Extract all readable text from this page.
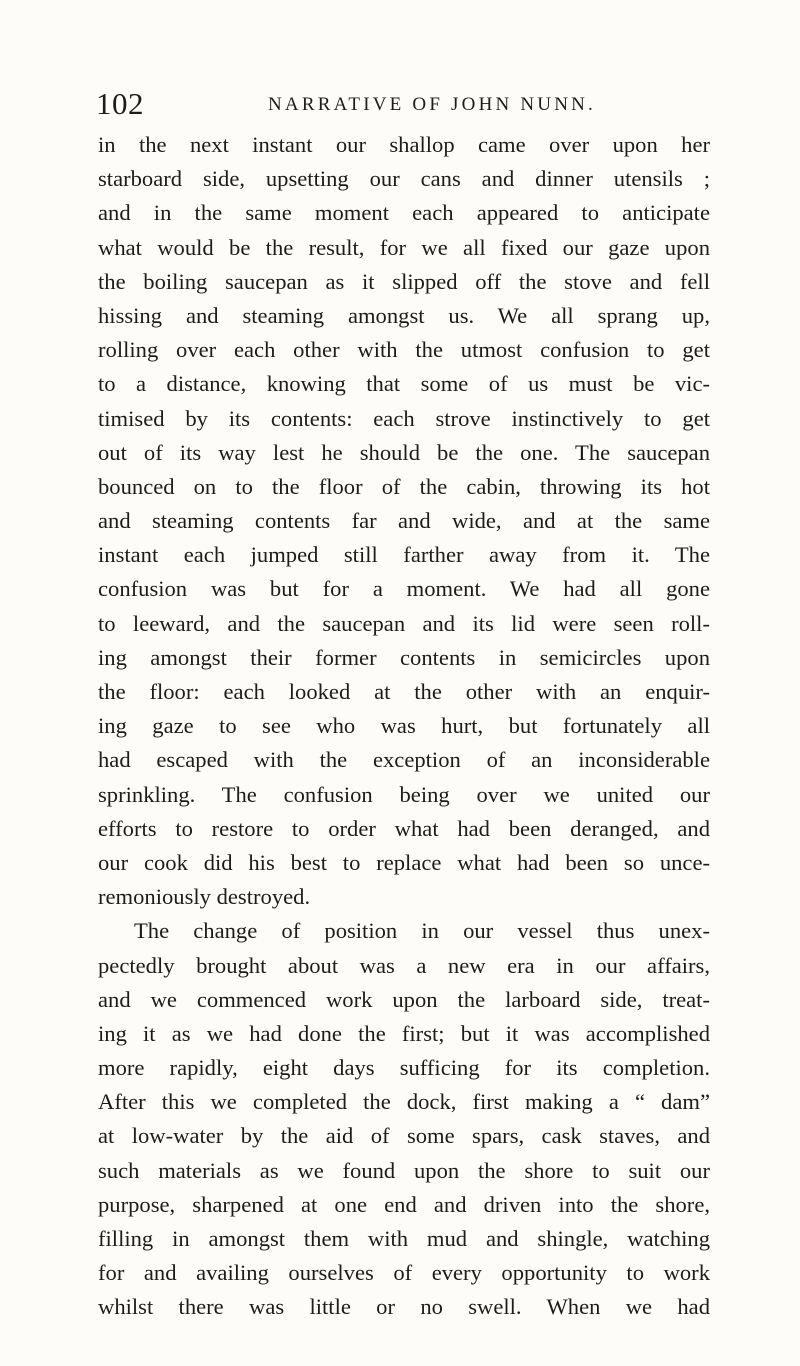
102	NARRATIVE OF JOHN NUNN.
in the next instant our shallop came over upon her
starboard side, upsetting our cans and dinner utensils ;
and in the same moment each appeared to anticipate
what would be the result, for we all fixed our gaze upon
the boiling saucepan as it slipped off the stove and fell
hissing and steaming amongst us. We all sprang up,
rolling over each other with the utmost confusion to get
to a distance, knowing that some of us must be vic-
timised by its contents: each strove instinctively to get
out of its way lest he should be the one. The saucepan
bounced on to the floor of the cabin, throwing its hot
and steaming contents far and wide, and at the same
instant each jumped still farther away from it. The
confusion was but for a moment. We had all gone
to leeward, and the saucepan and its lid were seen roll-
ing amongst their former contents in semicircles upon
the floor: each looked at the other with an enquir-
ing gaze to see who was hurt, but fortunately all
had escaped with the exception of an inconsiderable
sprinkling. The confusion being over we united our
efforts to restore to order what had been deranged, and
our cook did his best to replace what had been so unce-
remoniously destroyed.
The change of position in our vessel thus unex-
pectedly brought about was a new era in our affairs,
and we commenced work upon the larboard side, treat-
ing it as we had done the first; but it was accomplished
more rapidly, eight days sufficing for its completion.
After this we completed the dock, first making a “ dam”
at low-water by the aid of some spars, cask staves, and
such materials as we found upon the shore to suit our
purpose, sharpened at one end and driven into the shore,
filling in amongst them with mud and shingle, watching
for and availing ourselves of every opportunity to work
whilst there was little or no swell. When we had
